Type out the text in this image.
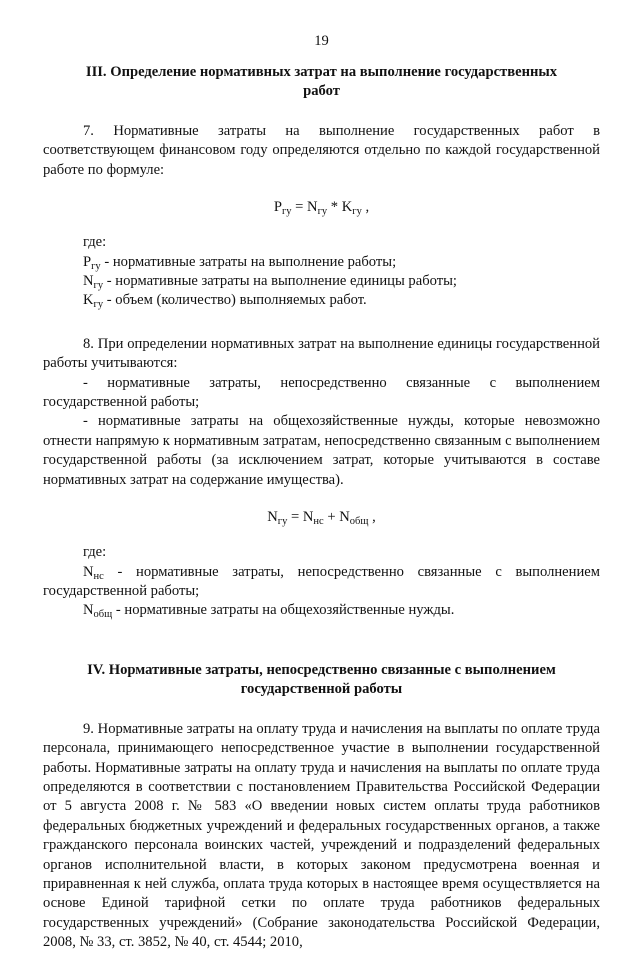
19
III. Определение нормативных затрат на выполнение государственных
работ

7. Нормативные затраты на выполнение государственных работ в соответствующем финансовом году определяются отдельно по каждой государственной работе по формуле:

$P_{гу} = N_{гу} * K_{гу}$ ,

где:

$P_{гу}$ - нормативные затраты на выполнение работы;

$N_{гу}$ - нормативные затраты на выполнение единицы работы;

$K_{гу}$ - объем (количество) выполняемых работ.

8. При определении нормативных затрат на выполнение единицы государственной работы учитываются:

- нормативные затраты, непосредственно связанные с выполнением государственной работы;

- нормативные затраты на общехозяйственные нужды, которые невозможно отнести напрямую к нормативным затратам, непосредственно связанным с выполнением государственной работы (за исключением затрат, которые учитываются в составе нормативных затрат на содержание имущества).

$N_{гу} = N_{нс} + N_{общ}$ ,

где:

$N_{нс}$ - нормативные затраты, непосредственно связанные с выполнением государственной работы;

$N_{общ}$ - нормативные затраты на общехозяйственные нужды.

IV. Нормативные затраты, непосредственно связанные с выполнением
государственной работы

9. Нормативные затраты на оплату труда и начисления на выплаты по оплате труда персонала, принимающего непосредственное участие в выполнении государственной работы. Нормативные затраты на оплату труда и начисления на выплаты по оплате труда определяются в соответствии с постановлением Правительства Российской Федерации от 5 августа 2008 г. № 583 «О введении новых систем оплаты труда работников федеральных бюджетных учреждений и федеральных государственных органов, а также гражданского персонала воинских частей, учреждений и подразделений федеральных органов исполнительной власти, в которых законом предусмотрена военная и приравненная к ней служба, оплата труда которых в настоящее время осуществляется на основе Единой тарифной сетки по оплате труда работников федеральных государственных учреждений» (Собрание законодательства Российской Федерации, 2008, № 33, ст. 3852, № 40, ст. 4544; 2010,
